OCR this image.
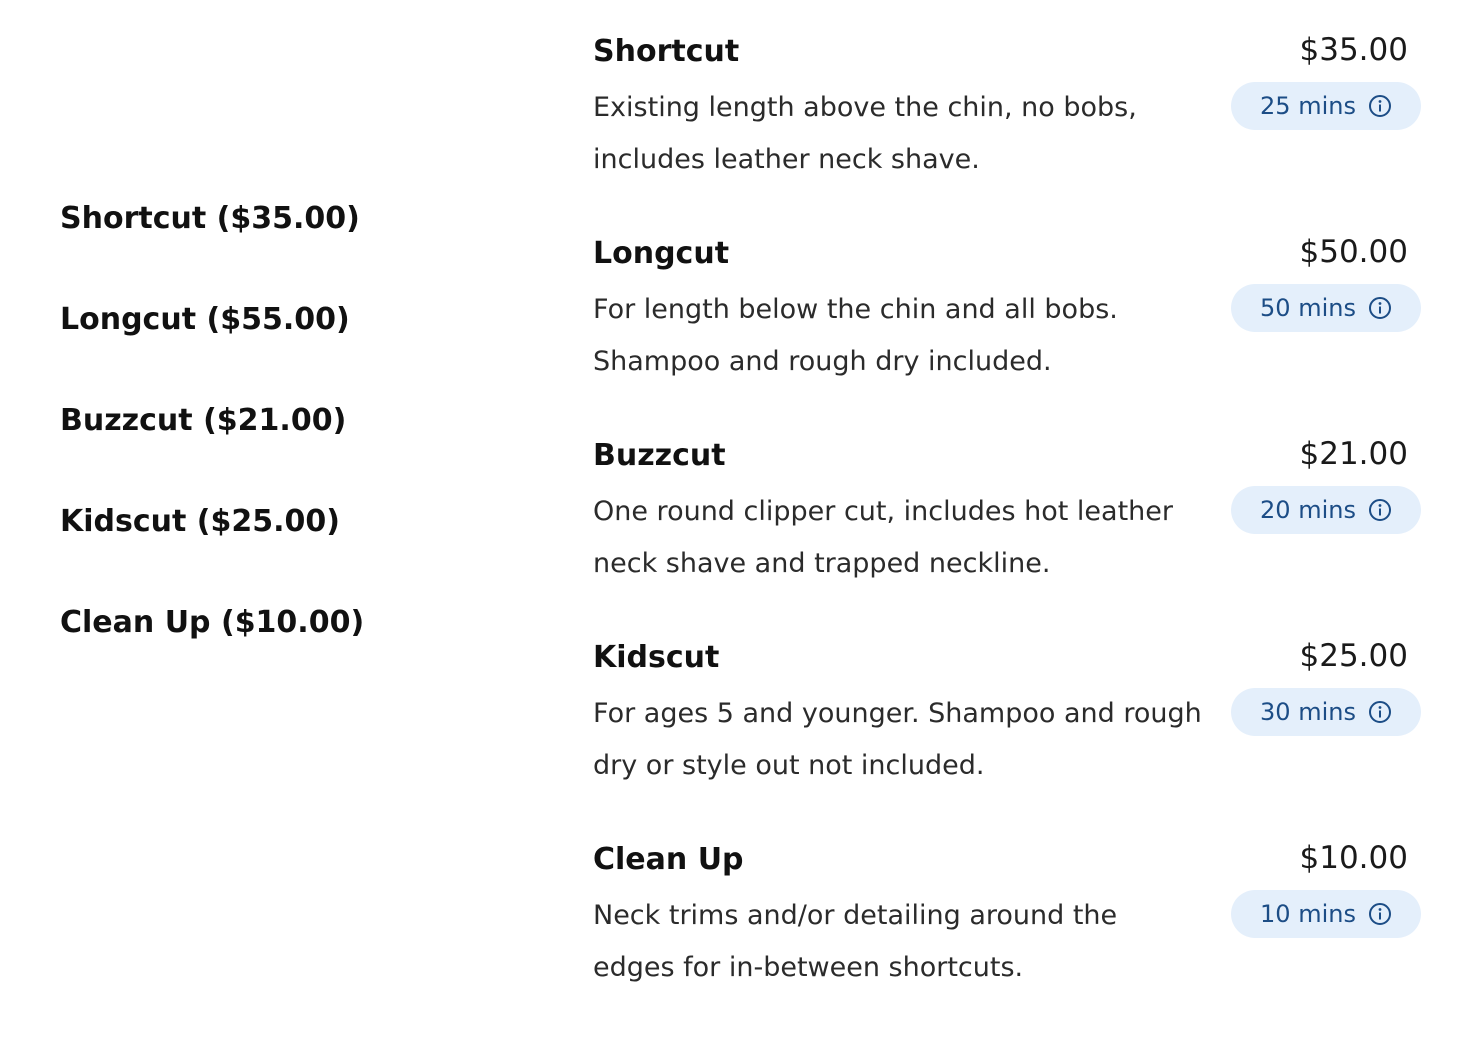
Shortcut ( $35.00 )
Longcut ( $55.00 )
Buzzcut ( $21.00 )
Kidscut ( $25.00 )
Clean Up ( $10.00 )
Shortcut	$35.00
Existing length above the chin, no bobs, includes leather neck shave.
25 mins
Longcut	$50.00
For length below the chin and all bobs. Shampoo and rough dry included.
50 mins
Buzzcut	$21.00
One round clipper cut, includes hot leather neck shave and trapped neckline.
20 mins
Kidscut	$25.00
For ages 5 and younger. Shampoo and rough dry or style out not included.
30 mins
Clean Up	$10.00
Neck trims and/or detailing around the edges for in-between shortcuts.
10 mins
